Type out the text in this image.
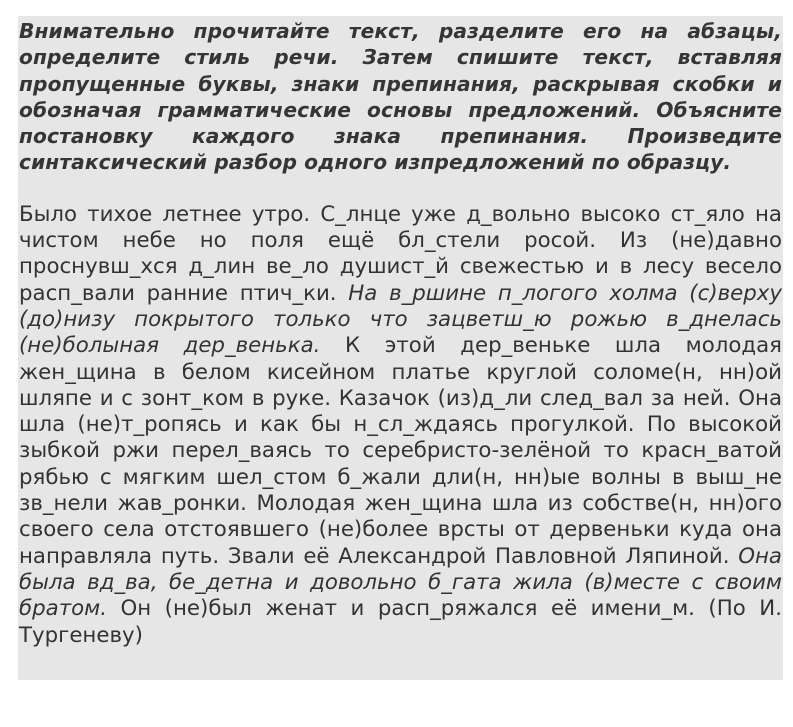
Внимательно прочитайте текст, разделите его на абзацы, определите стиль речи. Затем спишите текст, вставляя пропущенные буквы, знаки препинания, раскрывая скобки и обозначая грамматические основы предложений. Объясните постановку каждого знака препинания. Произведите синтаксический разбор одного изпредложений по образцу.

Было тихое летнее утро. С_лнце уже д_вольно высоко ст_яло на чистом небе но поля ещё бл_стели росой. Из (не)давно проснувш_хся д_лин ве_ло душист_й свежестью и в лесу весело расп_вали ранние птич_ки. На в_ршине п_логого холма (с)верху (до)низу покрытого только что зацветш_ю рожью в_днелась (не)болыная дер_венька. К этой дер_веньке шла молодая жен_щина в белом кисейном платье круглой соломе(н, нн)ой шляпе и с зонт_ком в руке. Казачок (из)д_ли след_вал за ней. Она шла (не)т_ропясь и как бы н_сл_ждаясь прогулкой. По высокой зыбкой ржи перел_ваясь то серебристо-зелёной то красн_ватой рябью с мягким шел_стом б_жали дли(н, нн)ые волны в выш_не зв_нели жав_ронки. Молодая жен_щина шла из собстве(н, нн)ого своего села отстоявшего (не)более врсты от дервеньки куда она направляла путь. Звали её Александрой Павловной Ляпиной. Она была вд_ва, бе_детна и довольно б_гата жила (в)месте с своим братом. Он (не)был женат и расп_ряжался её имени_м. (По И. Тургеневу)
